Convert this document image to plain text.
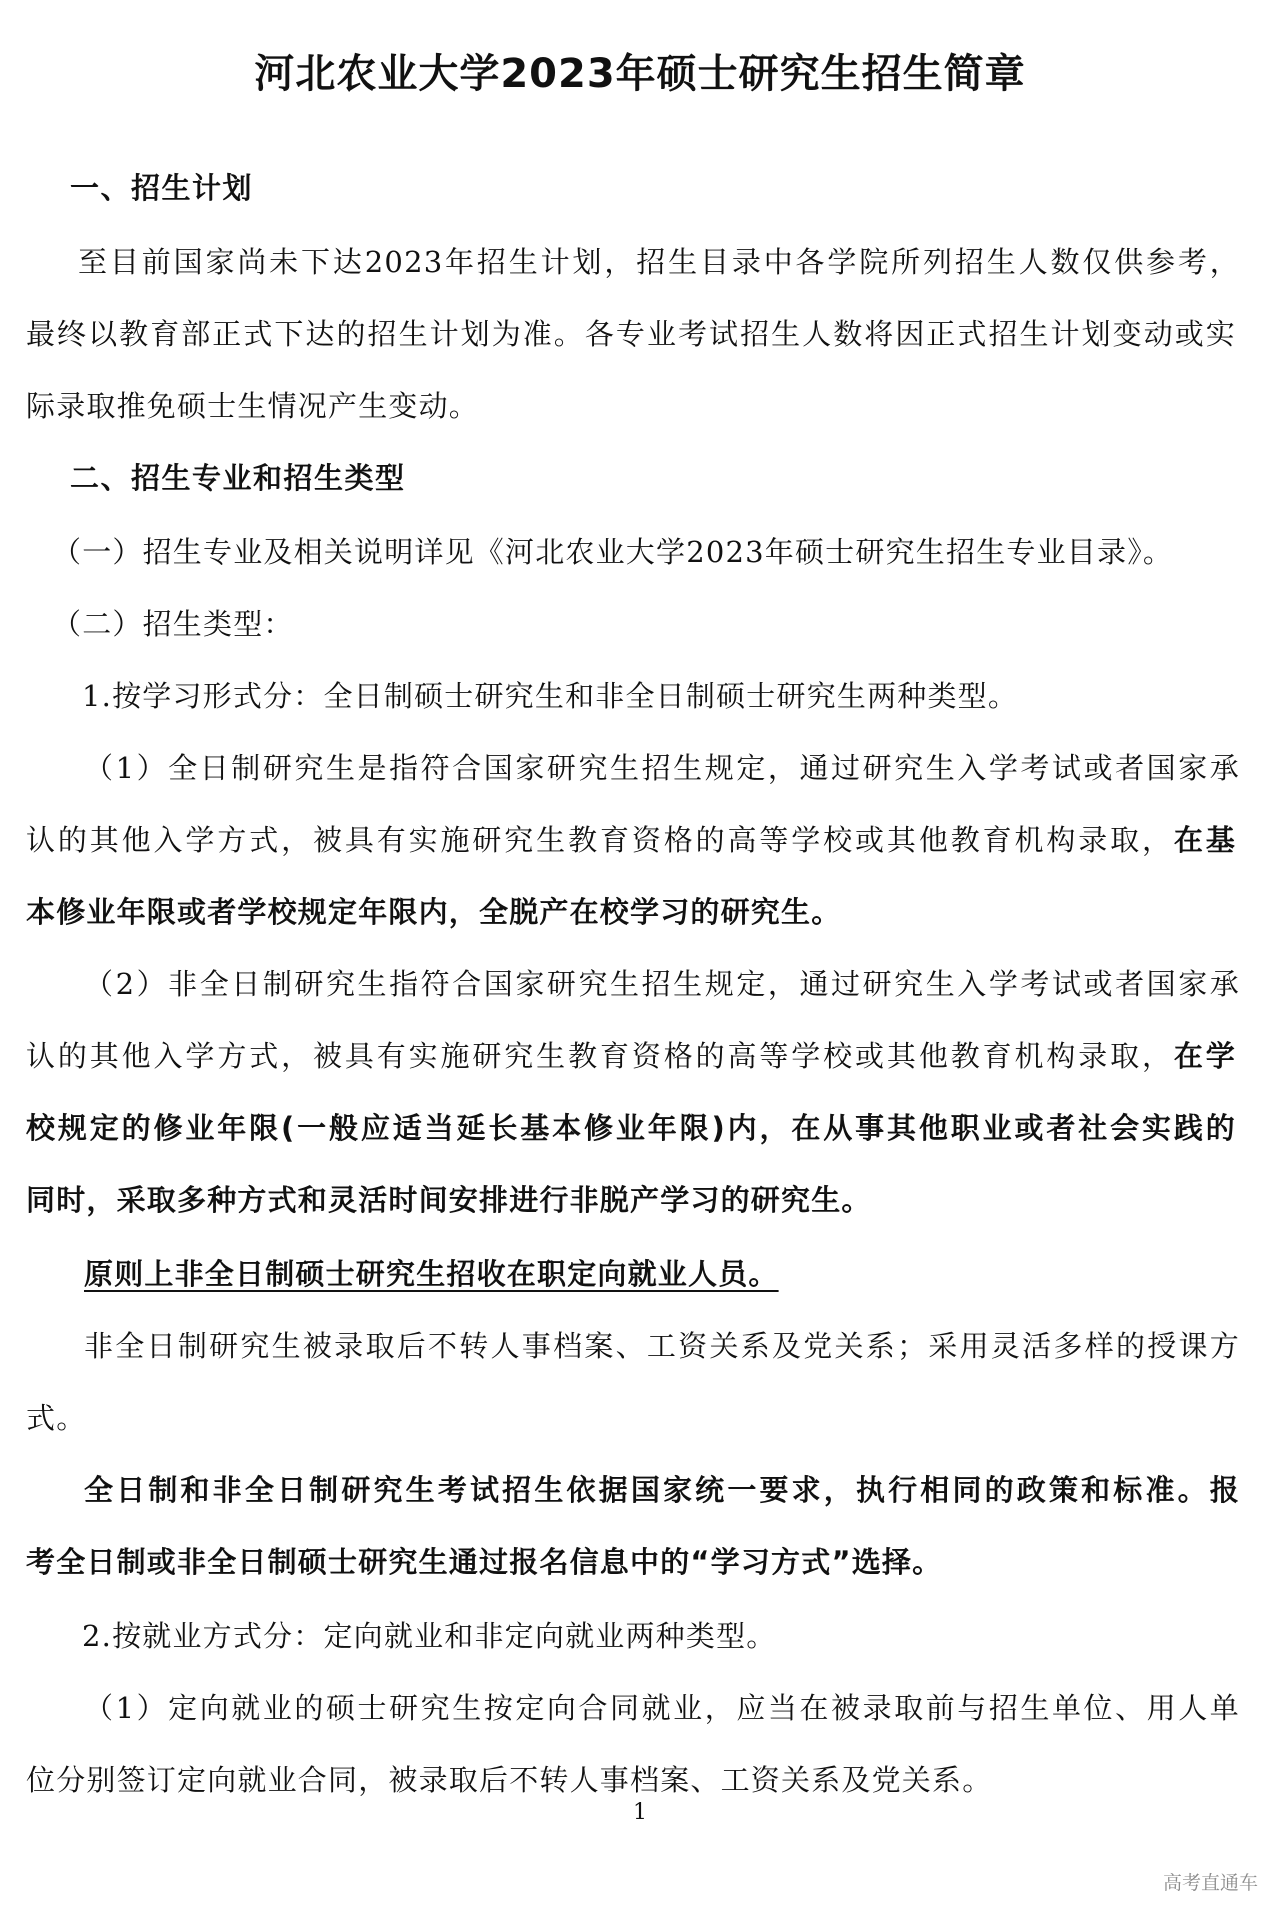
河北农业大学2023年硕士研究生招生简章
一、招生计划
至目前国家尚未下达2023年招生计划，招生目录中各学院所列招生人数仅供参考，
最终以教育部正式下达的招生计划为准。各专业考试招生人数将因正式招生计划变动或实
际录取推免硕士生情况产生变动。
二、招生专业和招生类型
（一）招生专业及相关说明详见《河北农业大学2023年硕士研究生招生专业目录》。
（二）招生类型：
1.按学习形式分：全日制硕士研究生和非全日制硕士研究生两种类型。
（1）全日制研究生是指符合国家研究生招生规定，通过研究生入学考试或者国家承
认的其他入学方式，被具有实施研究生教育资格的高等学校或其他教育机构录取，在基
本修业年限或者学校规定年限内，全脱产在校学习的研究生。
（2）非全日制研究生指符合国家研究生招生规定，通过研究生入学考试或者国家承
认的其他入学方式，被具有实施研究生教育资格的高等学校或其他教育机构录取，在学
校规定的修业年限(一般应适当延长基本修业年限)内，在从事其他职业或者社会实践的
同时，采取多种方式和灵活时间安排进行非脱产学习的研究生。
原则上非全日制硕士研究生招收在职定向就业人员。
非全日制研究生被录取后不转人事档案、工资关系及党关系；采用灵活多样的授课方
式。
全日制和非全日制研究生考试招生依据国家统一要求，执行相同的政策和标准。报
考全日制或非全日制硕士研究生通过报名信息中的“学习方式”选择。
2.按就业方式分：定向就业和非定向就业两种类型。
（1）定向就业的硕士研究生按定向合同就业，应当在被录取前与招生单位、用人单
位分别签订定向就业合同，被录取后不转人事档案、工资关系及党关系。
1
高考直通车
